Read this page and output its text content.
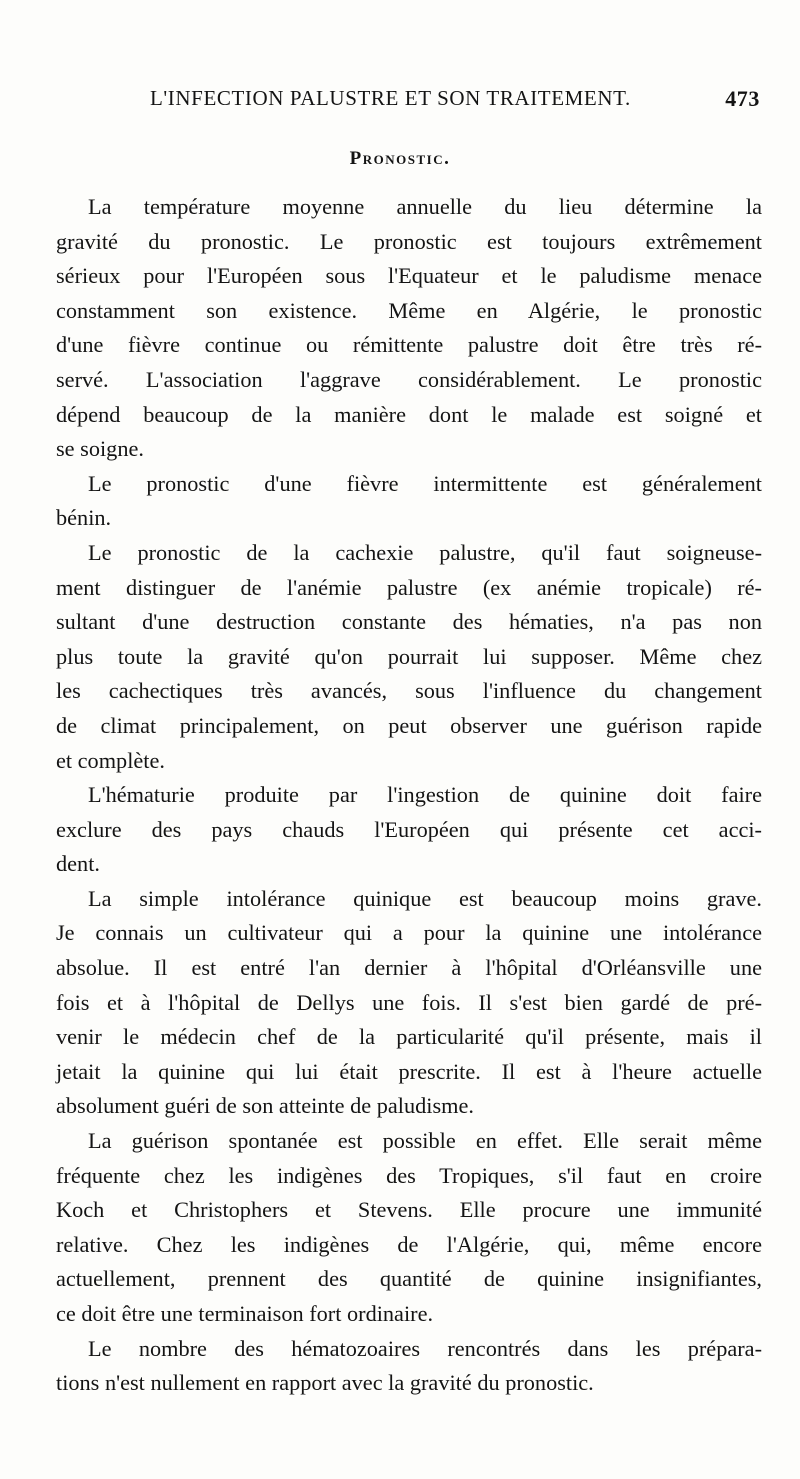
L'INFECTION PALUSTRE ET SON TRAITEMENT.	473
Pronostic.

La température moyenne annuelle du lieu détermine la
gravité du pronostic. Le pronostic est toujours extrêmement
sérieux pour l'Européen sous l'Equateur et le paludisme menace
constamment son existence. Même en Algérie, le pronostic
d'une fièvre continue ou rémittente palustre doit être très ré-
servé. L'association l'aggrave considérablement. Le pronostic
dépend beaucoup de la manière dont le malade est soigné et
se soigne.

Le pronostic d'une fièvre intermittente est généralement
bénin.

Le pronostic de la cachexie palustre, qu'il faut soigneuse-
ment distinguer de l'anémie palustre (ex anémie tropicale) ré-
sultant d'une destruction constante des hématies, n'a pas non
plus toute la gravité qu'on pourrait lui supposer. Même chez
les cachectiques très avancés, sous l'influence du changement
de climat principalement, on peut observer une guérison rapide
et complète.

L'hématurie produite par l'ingestion de quinine doit faire
exclure des pays chauds l'Européen qui présente cet acci-
dent.

La simple intolérance quinique est beaucoup moins grave.
Je connais un cultivateur qui a pour la quinine une intolérance
absolue. Il est entré l'an dernier à l'hôpital d'Orléansville une
fois et à l'hôpital de Dellys une fois. Il s'est bien gardé de pré-
venir le médecin chef de la particularité qu'il présente, mais il
jetait la quinine qui lui était prescrite. Il est à l'heure actuelle
absolument guéri de son atteinte de paludisme.

La guérison spontanée est possible en effet. Elle serait même
fréquente chez les indigènes des Tropiques, s'il faut en croire
Koch et Christophers et Stevens. Elle procure une immunité
relative. Chez les indigènes de l'Algérie, qui, même encore
actuellement, prennent des quantité de quinine insignifiantes,
ce doit être une terminaison fort ordinaire.

Le nombre des hématozoaires rencontrés dans les prépara-
tions n'est nullement en rapport avec la gravité du pronostic.
